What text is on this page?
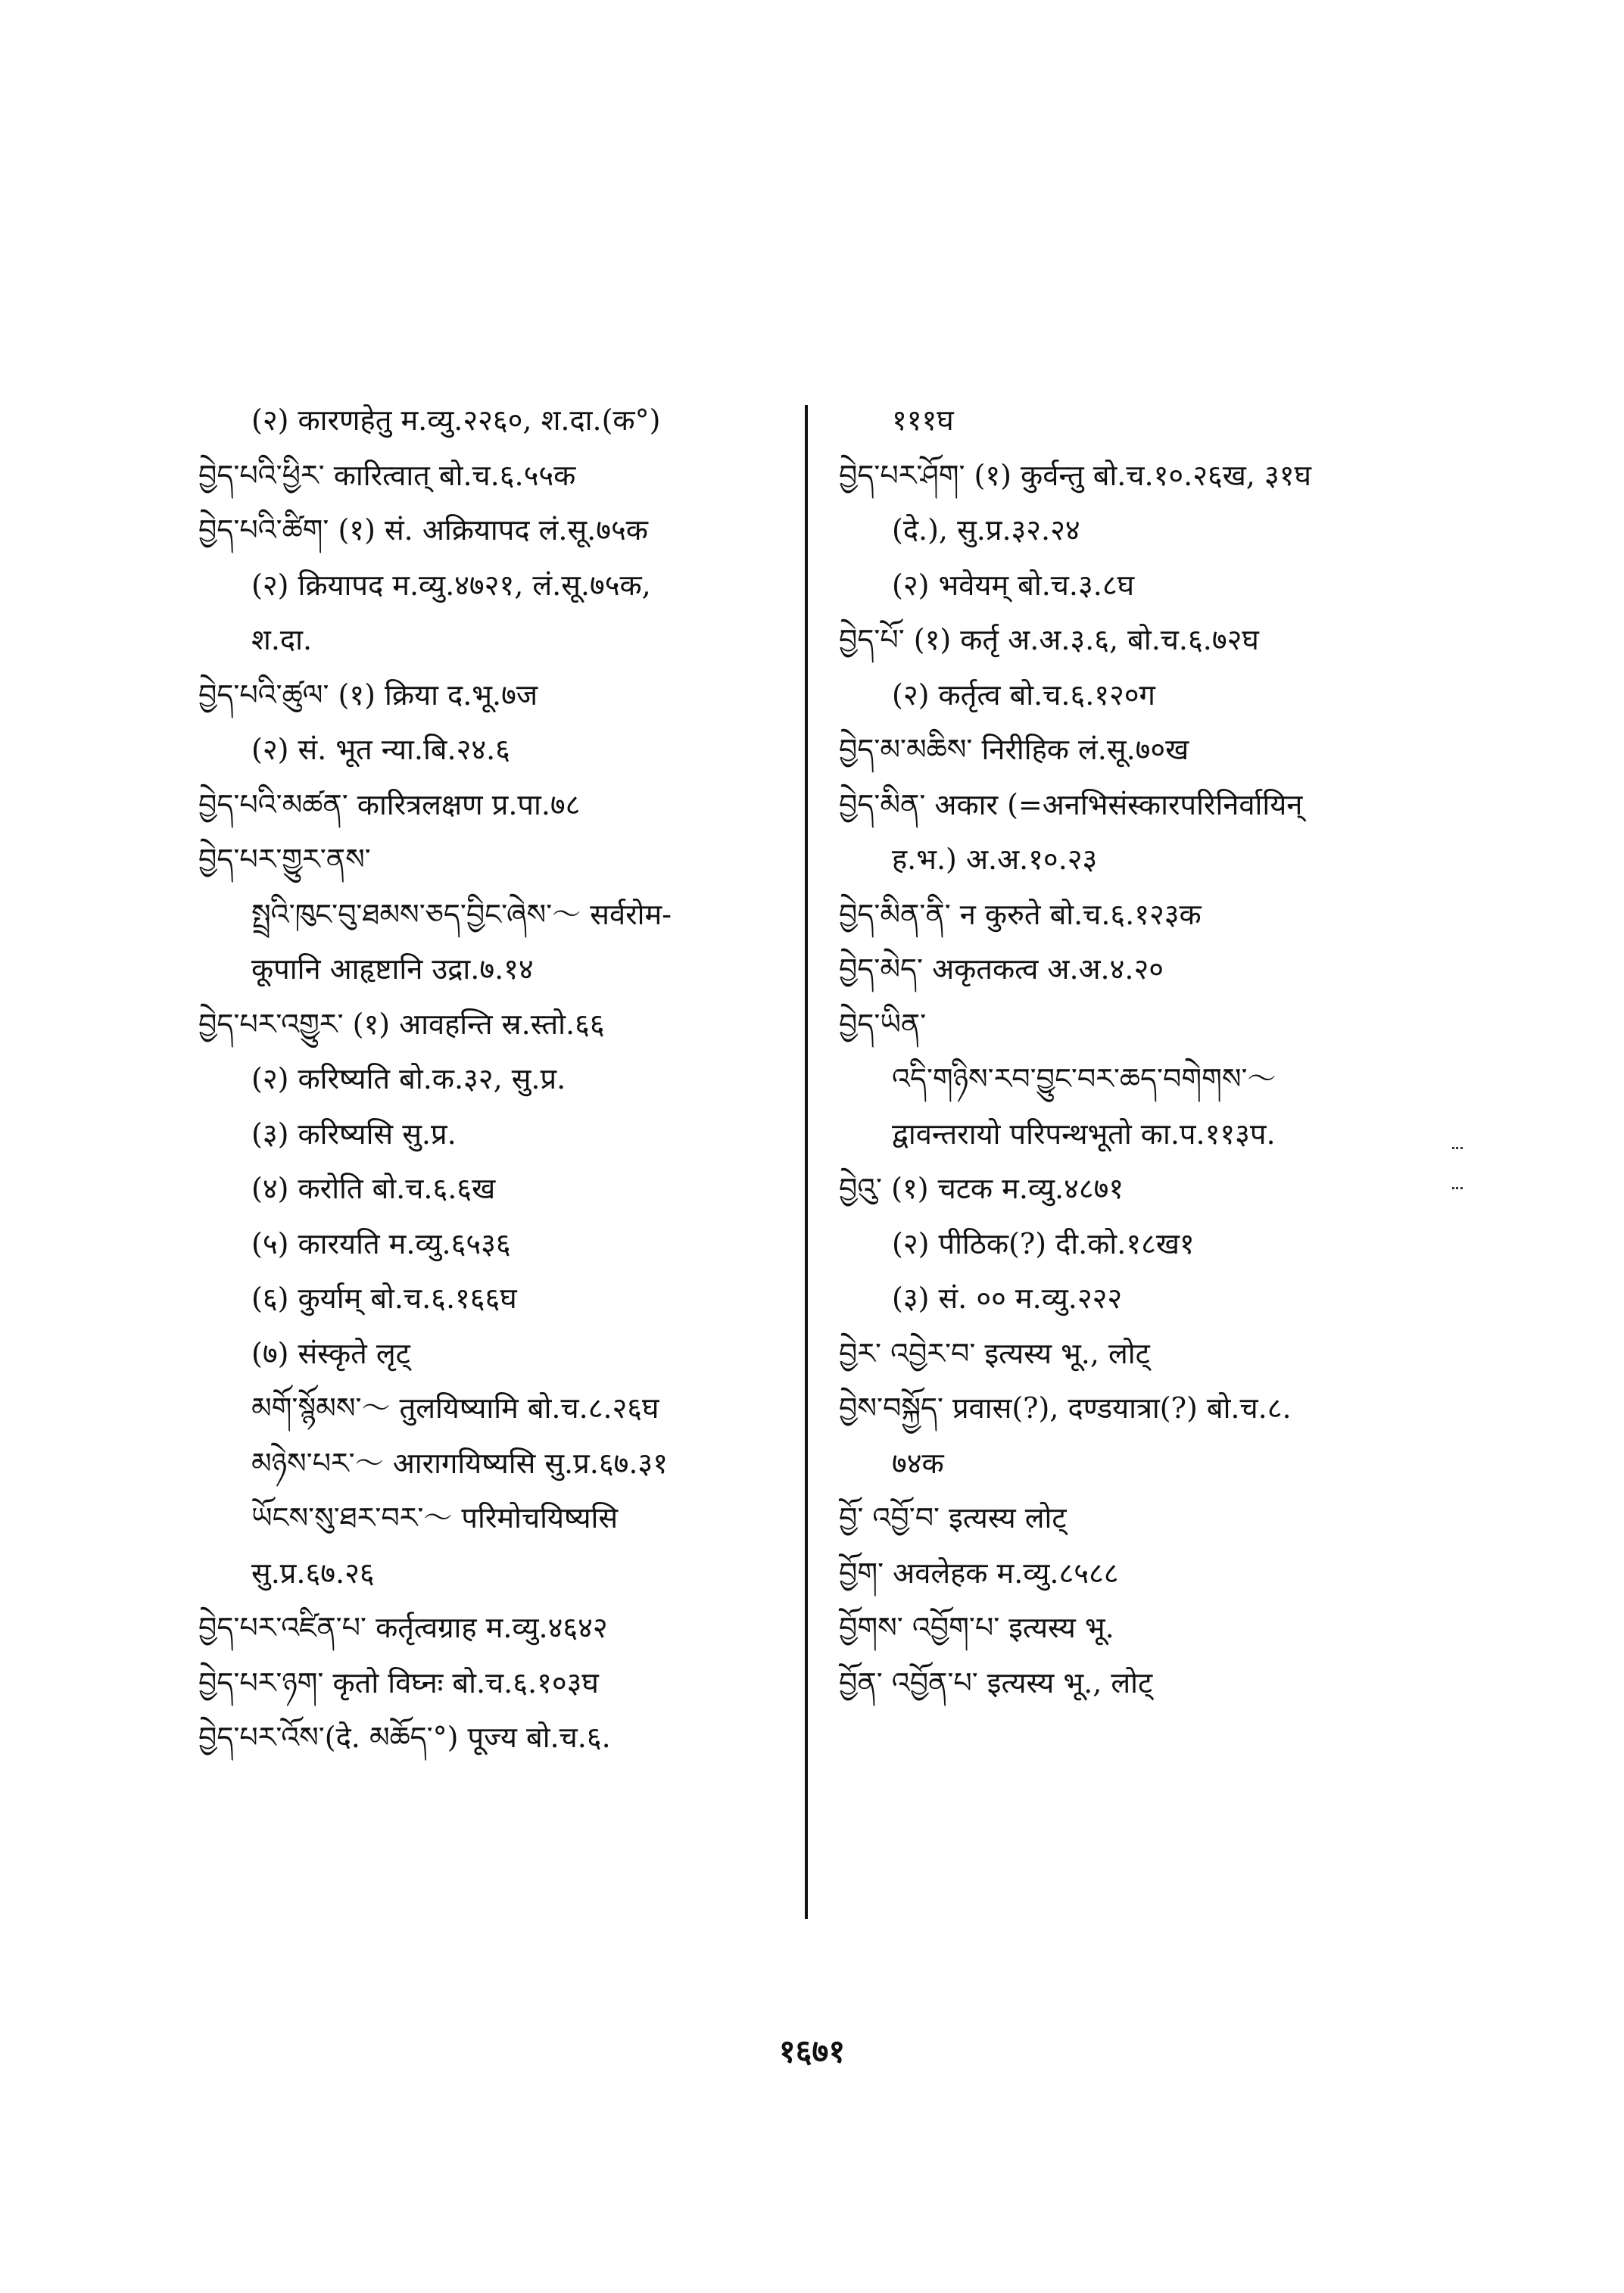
(२) कारणहेतु म.व्यु.२२६०, श.दा.(क°)
བྱེད་པའི་ཕྱིར་ कारित्वात् बो.च.६.५५क
བྱེད་པའི་ཚིག་ (१) सं. अक्रियापद लं.सू.७५क
(२) क्रियापद म.व्यु.४७२१, लं.सू.७५क,
श.दा.
བྱེད་པའི་ཚུལ་ (१) क्रिया द.भू.७ज
(२) सं. भूत न्या.बि.२४.६
བྱེད་པའི་མཚན་ कारित्रलक्षण प्र.पा.७८
བྱེད་པར་གྱུར་ནས་
སྤྲའི་ཁུང་བུ་ཐམས་ཅད་བྱིང་ཞེས་～ सर्वरोम-
कूपानि आहृष्टानि उद्रा.७.१४
བྱེད་པར་འགྱུར་ (१) आवहन्ति स्र.स्तो.६६
(२) करिष्यति बो.क.३२, सु.प्र.
(३) करिष्यसि सु.प्र.
(४) करोति बो.च.६.६ख
(५) कारयति म.व्यु.६५३६
(६) कुर्याम् बो.च.६.१६६घ
(७) संस्कृते लृट्
མགོ་སྙོམས་～ तुलयिष्यामि बो.च.८.२६घ
མཉེས་པར་～ आरागयिष्यसि सु.प्र.६७.३१
ཡོངས་སུ་ཐར་བར་～ परिमोचयिष्यसि
सु.प्र.६७.२६
བྱེད་པར་འཛིན་པ་ कर्तृत्वग्राह म.व्यु.४६४२
བྱེད་པར་ཉག་ कृतो विघ्नः बो.च.६.१०३घ
བྱེད་པར་འོས་(दे. མཆོད་°) पूज्य बो.च.६.
१११घ
བྱེད་པར་ཤོག་ (१) कुर्वन्तु बो.च.१०.२६ख, ३१घ
(दे.), सु.प्र.३२.२४
(२) भवेयम् बो.च.३.८घ
བྱེད་པོ་ (१) कर्तृ अ.अ.३.६, बो.च.६.७२घ
(२) कर्तृत्व बो.च.६.१२०ग
བྱེད་མ་མཆིས་ निरीहिक लं.सू.७०ख
བྱེད་མིན་ अकार (=अनभिसंस्कारपरिनिर्वायिन्
ह.भ.) अ.अ.१०.२३
བྱེད་མིན་ནི་ न कुरुते बो.च.६.१२३क
བྱེད་མེད་ अकृतकत्व अ.अ.४.२०
བྱེད་ཡིན་
འདི་གཉིས་རབ་བྱུང་བར་ཆད་བགེགས་～
द्वावन्तरायो परिपन्थभूतो का.प.११३प.
བྱེའུ་ (१) चटक म.व्यु.४८७१
(२) पीठिक(?) दी.को.१८ख१
(३) सं. ०० म.व्यु.२२२
བྱེར་ འབྱེར་བ་ इत्यस्य भू., लोट्
བྱེས་བསྐྱོད་ प्रवास(?), दण्डयात्रा(?) बो.च.८.
७४क
བྱོ་ འབྱོ་བ་ इत्यस्य लोट्
བྱོག་ अवलेहक म.व्यु.८५८८
བྱོགས་ འབྱོག་པ་ इत्यस्य भू.
བྱོན་ འབྱོན་པ་ इत्यस्य भू., लोट्
१६७१
